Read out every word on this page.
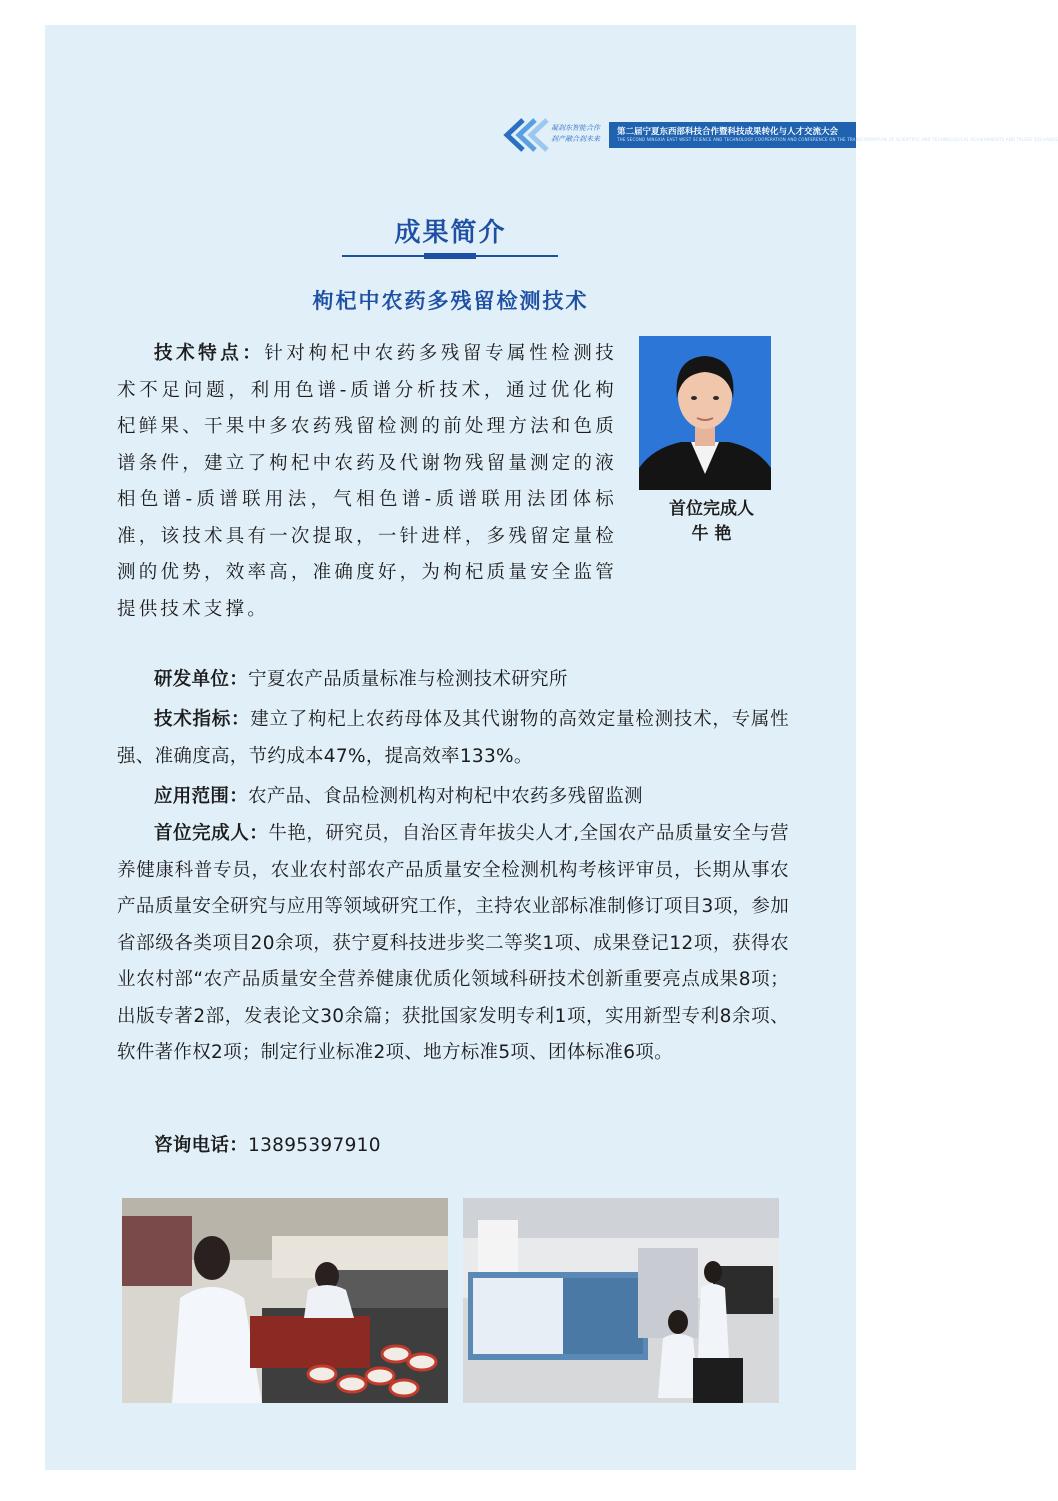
凝刹东智能合作
刹产融合刹未来
第二届宁夏东西部科技合作暨科技成果转化与人才交流大会
THE SECOND NINGXIA EAST WEST SCIENCE AND TECHNOLOGY COOPERATION AND CONFERENCE ON THE TRANSFORMATION OF SCIENTIFIC AND TECHNOLOGICAL ACHIEVEMENTS AND TALENT EXCHANGE
成果简介
枸杞中农药多残留检测技术

技术特点：针对枸杞中农药多残留专属性检测技术不足问题，利用色谱-质谱分析技术，通过优化枸杞鲜果、干果中多农药残留检测的前处理方法和色质谱条件，建立了枸杞中农药及代谢物残留量测定的液相色谱-质谱联用法，气相色谱-质谱联用法团体标准，该技术具有一次提取，一针进样，多残留定量检测的优势，效率高，准确度好，为枸杞质量安全监管提供技术支撑。

首位完成人
牛 艳

研发单位：宁夏农产品质量标准与检测技术研究所

技术指标：建立了枸杞上农药母体及其代谢物的高效定量检测技术，专属性强、准确度高，节约成本47%，提高效率133%。

应用范围：农产品、食品检测机构对枸杞中农药多残留监测

首位完成人：牛艳，研究员，自治区青年拔尖人才,全国农产品质量安全与营养健康科普专员，农业农村部农产品质量安全检测机构考核评审员，长期从事农产品质量安全研究与应用等领域研究工作，主持农业部标准制修订项目3项，参加省部级各类项目20余项，获宁夏科技进步奖二等奖1项、成果登记12项，获得农业农村部“农产品质量安全营养健康优质化领域科研技术创新重要亮点成果8项；出版专著2部，发表论文30余篇；获批国家发明专利1项，实用新型专利8余项、软件著作权2项；制定行业标准2项、地方标准5项、团体标准6项。

咨询电话：13895397910
